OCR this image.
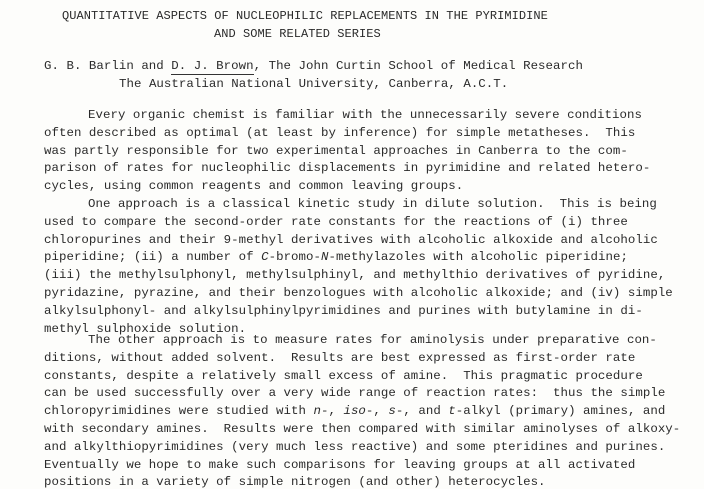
QUANTITATIVE ASPECTS OF NUCLEOPHILIC REPLACEMENTS IN THE PYRIMIDINE
AND SOME RELATED SERIES
G. B. Barlin and D. J. Brown, The John Curtin School of Medical Research
The Australian National University, Canberra, A.C.T.
Every organic chemist is familiar with the unnecessarily severe conditions
often described as optimal (at least by inference) for simple metatheses.  This
was partly responsible for two experimental approaches in Canberra to the com-
parison of rates for nucleophilic displacements in pyrimidine and related hetero-
cycles, using common reagents and common leaving groups.
One approach is a classical kinetic study in dilute solution.  This is being
used to compare the second-order rate constants for the reactions of (i) three
chloropurines and their 9-methyl derivatives with alcoholic alkoxide and alcoholic
piperidine; (ii) a number of C-bromo-N-methylazoles with alcoholic piperidine;
(iii) the methylsulphonyl, methylsulphinyl, and methylthio derivatives of pyridine,
pyridazine, pyrazine, and their benzologues with alcoholic alkoxide; and (iv) simple
alkylsulphonyl- and alkylsulphinylpyrimidines and purines with butylamine in di-
methyl sulphoxide solution.
The other approach is to measure rates for aminolysis under preparative con-
ditions, without added solvent.  Results are best expressed as first-order rate
constants, despite a relatively small excess of amine.  This pragmatic procedure
can be used successfully over a very wide range of reaction rates:  thus the simple
chloropyrimidines were studied with n-, iso-, s-, and t-alkyl (primary) amines, and
with secondary amines.  Results were then compared with similar aminolyses of alkoxy-
and alkylthiopyrimidines (very much less reactive) and some pteridines and purines.
Eventually we hope to make such comparisons for leaving groups at all activated
positions in a variety of simple nitrogen (and other) heterocycles.
